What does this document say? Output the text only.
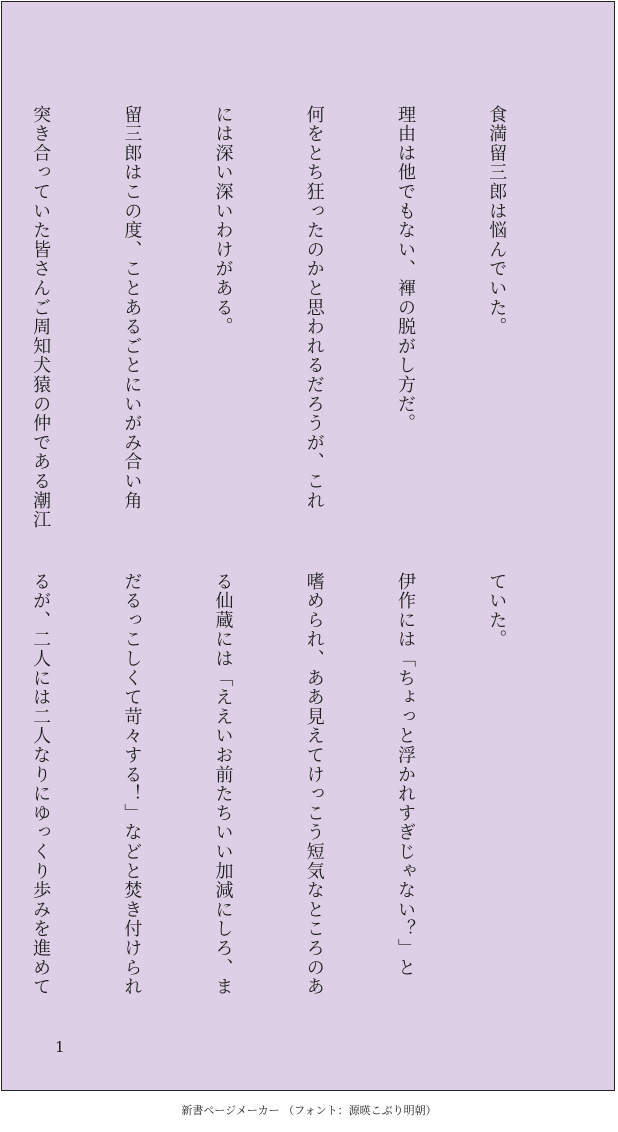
食満留三郎は悩んでいた。

理由は他でもない、褌の脱がし方だ。

何をとち狂ったのかと思われるだろうが、これ

には深い深いわけがある。

留三郎はこの度、ことあるごとにいがみ合い角

突き合っていた皆さんご周知犬猿の仲である潮江

ていた。

伊作には「ちょっと浮かれすぎじゃない？」と

嗜められ、ああ見えてけっこう短気なところのあ

る仙蔵には「ええいお前たちいい加減にしろ、ま

だるっこしくて苛々する！」などと焚き付けられ

るが、二人には二人なりにゆっくり歩みを進めて

1
新書ページメーカー （フォント：源暎こぶり明朝）
